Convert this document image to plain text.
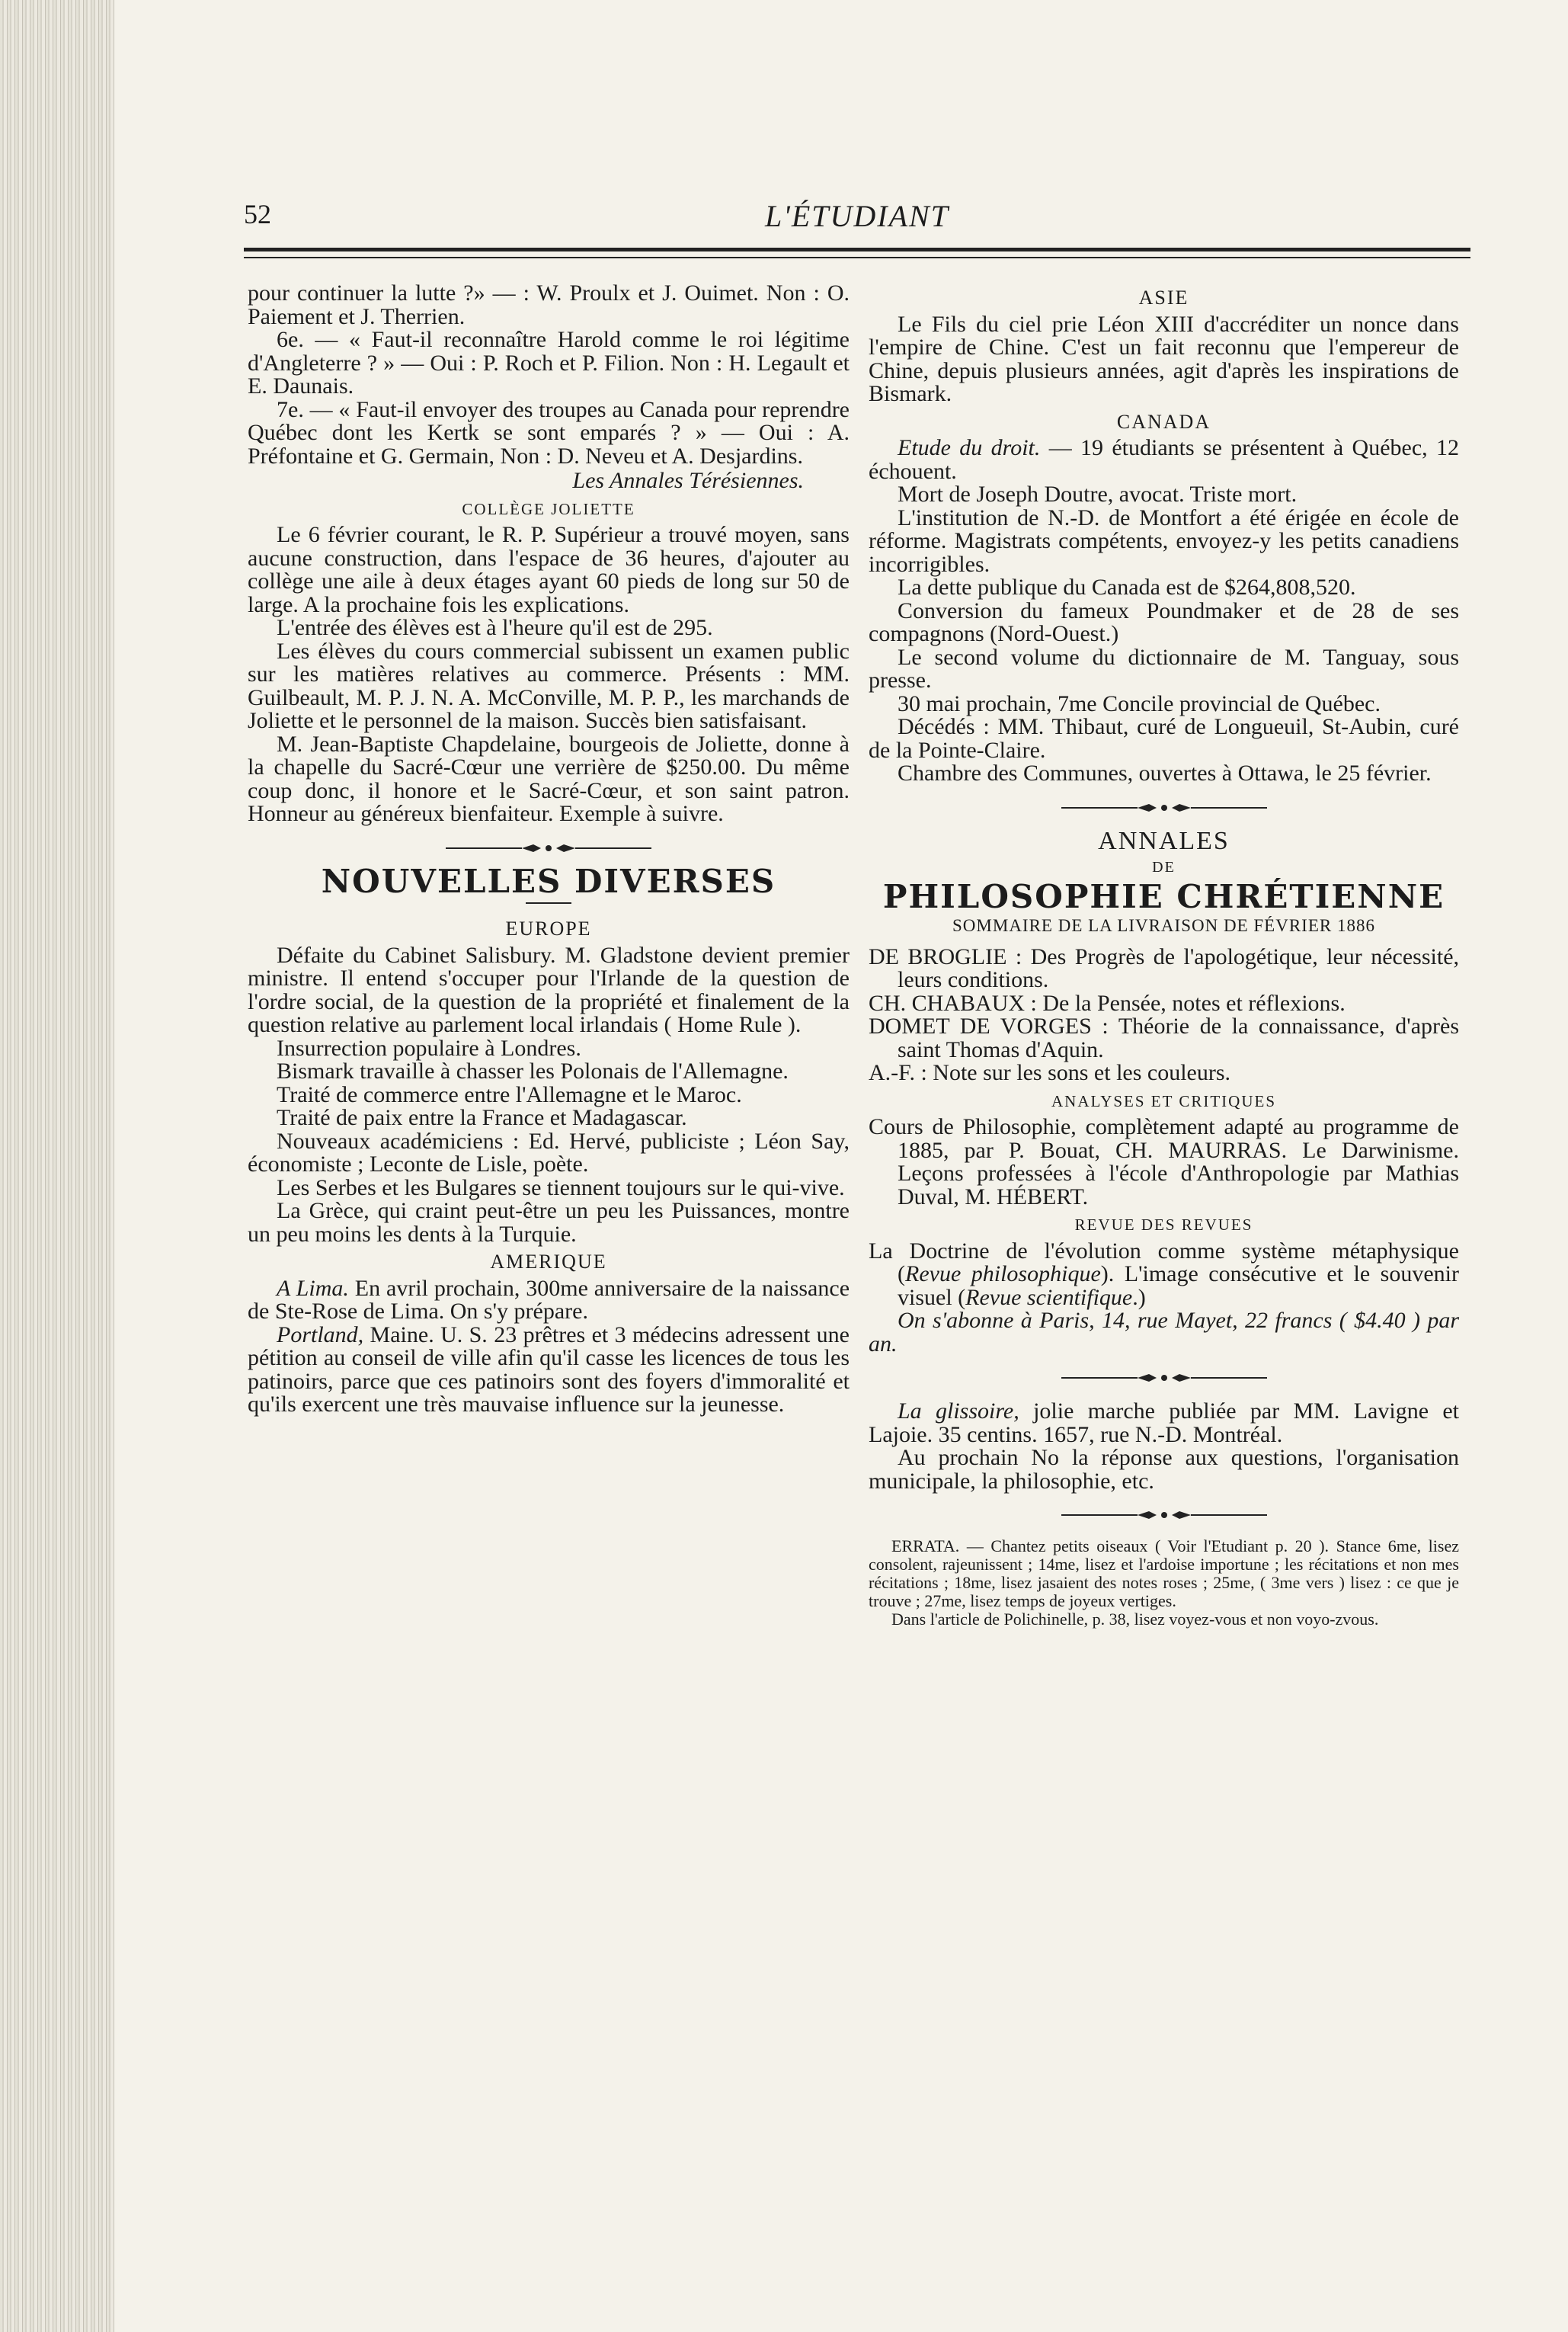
52	L'ÉTUDIANT

pour continuer la lutte ?» — : W. Proulx et J. Ouimet. Non : O. Paiement et J. Therrien.

6e. — « Faut-il reconnaître Harold comme le roi légitime d'Angleterre ? » — Oui : P. Roch et P. Filion. Non : H. Legault et E. Daunais.

7e. — « Faut-il envoyer des troupes au Canada pour reprendre Québec dont les Kertk se sont emparés ? » — Oui : A. Préfontaine et G. Germain, Non : D. Neveu et A. Desjardins.

Les Annales Térésiennes.
COLLÈGE JOLIETTE

Le 6 février courant, le R. P. Supérieur a trouvé moyen, sans aucune construction, dans l'espace de 36 heures, d'ajouter au collège une aile à deux étages ayant 60 pieds de long sur 50 de large. A la prochaine fois les explications.

L'entrée des élèves est à l'heure qu'il est de 295.

Les élèves du cours commercial subissent un examen public sur les matières relatives au commerce. Présents : MM. Guilbeault, M. P. J. N. A. McConville, M. P. P., les marchands de Joliette et le personnel de la maison. Succès bien satisfaisant.

M. Jean-Baptiste Chapdelaine, bourgeois de Joliette, donne à la chapelle du Sacré-Cœur une verrière de $250.00. Du même coup donc, il honore et le Sacré-Cœur, et son saint patron. Honneur au généreux bienfaiteur. Exemple à suivre.

NOUVELLES DIVERSES
EUROPE

Défaite du Cabinet Salisbury. M. Gladstone devient premier ministre. Il entend s'occuper pour l'Irlande de la question de l'ordre social, de la question de la propriété et finalement de la question relative au parlement local irlandais ( Home Rule ).

Insurrection populaire à Londres.

Bismark travaille à chasser les Polonais de l'Allemagne.

Traité de commerce entre l'Allemagne et le Maroc.

Traité de paix entre la France et Madagascar.

Nouveaux académiciens : Ed. Hervé, publiciste ; Léon Say, économiste ; Leconte de Lisle, poète.

Les Serbes et les Bulgares se tiennent toujours sur le qui-vive.

La Grèce, qui craint peut-être un peu les Puissances, montre un peu moins les dents à la Turquie.

AMERIQUE

A Lima. En avril prochain, 300me anniversaire de la naissance de Ste-Rose de Lima. On s'y prépare.

Portland, Maine. U. S. 23 prêtres et 3 médecins adressent une pétition au conseil de ville afin qu'il casse les licences de tous les patinoirs, parce que ces patinoirs sont des foyers d'immoralité et qu'ils exercent une très mauvaise influence sur la jeunesse.

ASIE

Le Fils du ciel prie Léon XIII d'accréditer un nonce dans l'empire de Chine. C'est un fait reconnu que l'empereur de Chine, depuis plusieurs années, agit d'après les inspirations de Bismark.

CANADA

Etude du droit. — 19 étudiants se présentent à Québec, 12 échouent.

Mort de Joseph Doutre, avocat. Triste mort.

L'institution de N.-D. de Montfort a été érigée en école de réforme. Magistrats compétents, envoyez-y les petits canadiens incorrigibles.

La dette publique du Canada est de $264,808,520.

Conversion du fameux Poundmaker et de 28 de ses compagnons (Nord-Ouest.)

Le second volume du dictionnaire de M. Tanguay, sous presse.

30 mai prochain, 7me Concile provincial de Québec.

Décédés : MM. Thibaut, curé de Longueuil, St-Aubin, curé de la Pointe-Claire.

Chambre des Communes, ouvertes à Ottawa, le 25 février.

ANNALES
DE
PHILOSOPHIE CHRÉTIENNE
SOMMAIRE DE LA LIVRAISON DE FÉVRIER 1886

DE BROGLIE : Des Progrès de l'apologétique, leur nécessité, leurs conditions.

CH. CHABAUX : De la Pensée, notes et réflexions.

DOMET DE VORGES : Théorie de la connaissance, d'après saint Thomas d'Aquin.

A.-F. : Note sur les sons et les couleurs.

ANALYSES ET CRITIQUES

Cours de Philosophie, complètement adapté au programme de 1885, par P. Bouat, CH. MAURRAS. Le Darwinisme. Leçons professées à l'école d'Anthropologie par Mathias Duval, M. HÉBERT.

REVUE DES REVUES

La Doctrine de l'évolution comme système métaphysique (Revue philosophique). L'image consécutive et le souvenir visuel (Revue scientifique.)

On s'abonne à Paris, 14, rue Mayet, 22 francs ( $4.40 ) par an.

La glissoire, jolie marche publiée par MM. Lavigne et Lajoie. 35 centins. 1657, rue N.-D. Montréal.

Au prochain No la réponse aux questions, l'organisation municipale, la philosophie, etc.

ERRATA. — Chantez petits oiseaux ( Voir l'Etudiant p. 20 ). Stance 6me, lisez consolent, rajeunissent ; 14me, lisez et l'ardoise importune ; les récitations et non mes récitations ; 18me, lisez jasaient des notes roses ; 25me, ( 3me vers ) lisez : ce que je trouve ; 27me, lisez temps de joyeux vertiges.

Dans l'article de Polichinelle, p. 38, lisez voyez-vous et non voyo-zvous.
